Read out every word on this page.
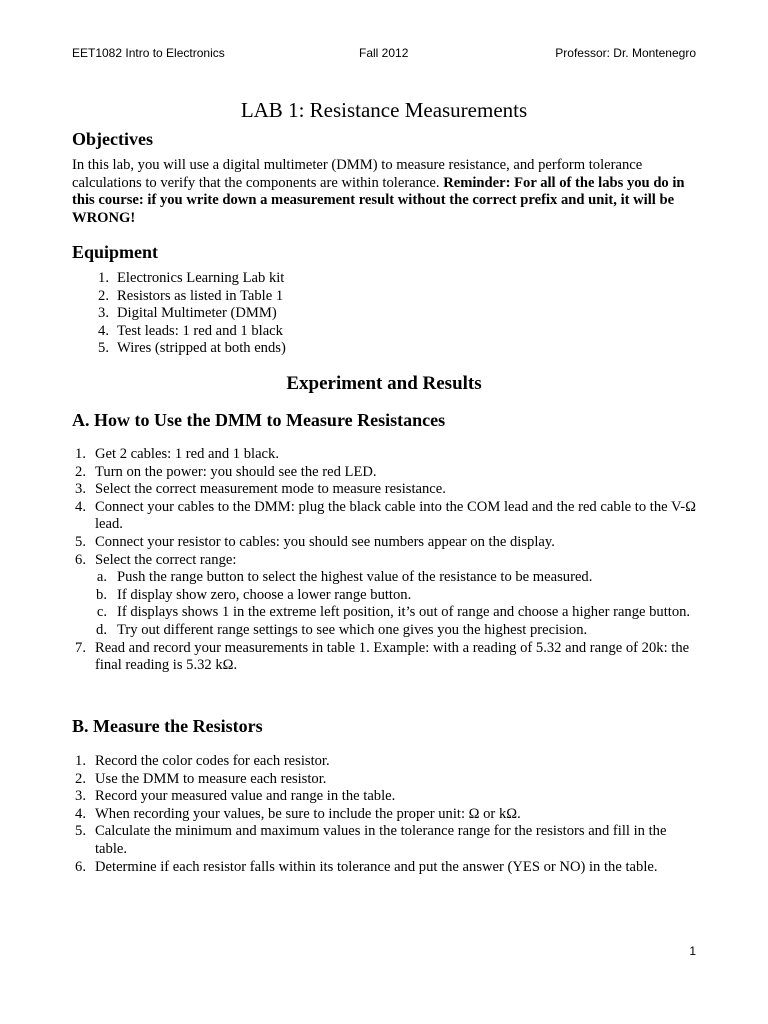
EET1082 Intro to Electronics	Fall 2012	Professor: Dr. Montenegro
LAB 1: Resistance Measurements
Objectives
In this lab, you will use a digital multimeter (DMM) to measure resistance, and perform tolerance calculations to verify that the components are within tolerance. Reminder: For all of the labs you do in this course: if you write down a measurement result without the correct prefix and unit, it will be WRONG!
Equipment
1. Electronics Learning Lab kit
2. Resistors as listed in Table 1
3. Digital Multimeter (DMM)
4. Test leads: 1 red and 1 black
5. Wires (stripped at both ends)
Experiment and Results
A. How to Use the DMM to Measure Resistances
1. Get 2 cables: 1 red and 1 black.
2. Turn on the power: you should see the red LED.
3. Select the correct measurement mode to measure resistance.
4. Connect your cables to the DMM: plug the black cable into the COM lead and the red cable to the V-Ω lead.
5. Connect your resistor to cables: you should see numbers appear on the display.
6. Select the correct range:
a. Push the range button to select the highest value of the resistance to be measured.
b. If display show zero, choose a lower range button.
c. If displays shows 1 in the extreme left position, it’s out of range and choose a higher range button.
d. Try out different range settings to see which one gives you the highest precision.
7. Read and record your measurements in table 1. Example: with a reading of 5.32 and range of 20k: the final reading is 5.32 kΩ.
B. Measure the Resistors
1. Record the color codes for each resistor.
2. Use the DMM to measure each resistor.
3. Record your measured value and range in the table.
4. When recording your values, be sure to include the proper unit: Ω or kΩ.
5. Calculate the minimum and maximum values in the tolerance range for the resistors and fill in the table.
6. Determine if each resistor falls within its tolerance and put the answer (YES or NO) in the table.
1
